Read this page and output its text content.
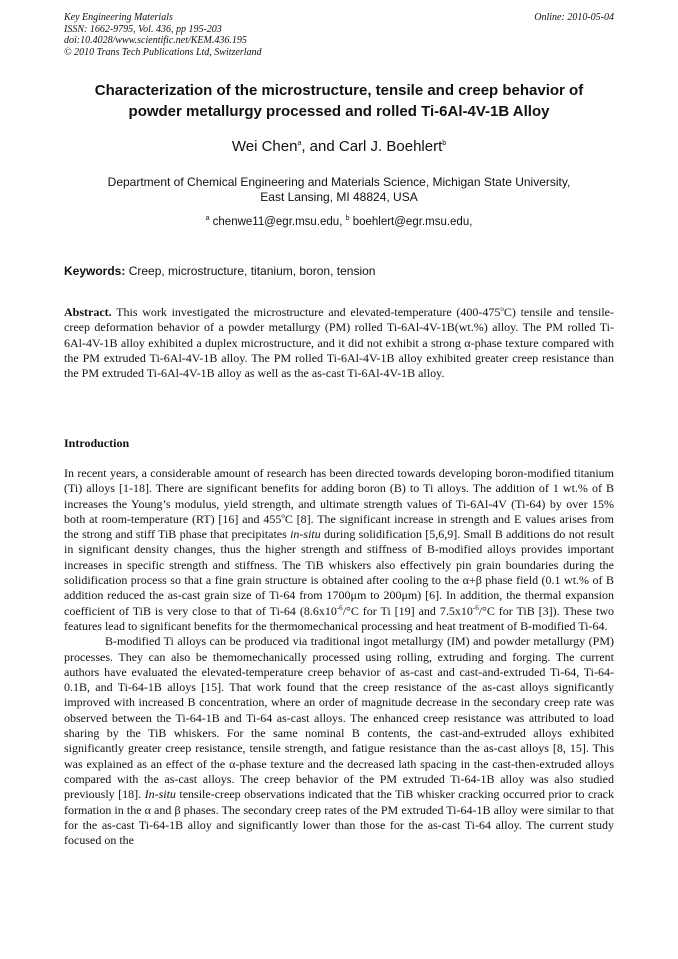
Key Engineering Materials
ISSN: 1662-9795, Vol. 436, pp 195-203
doi:10.4028/www.scientific.net/KEM.436.195
© 2010 Trans Tech Publications Ltd, Switzerland
Online: 2010-05-04
Characterization of the microstructure, tensile and creep behavior of
powder metallurgy processed and rolled Ti-6Al-4V-1B Alloy
Wei Chen$^a$, and Carl J. Boehlert$^b$
Department of Chemical Engineering and Materials Science, Michigan State University,
East Lansing, MI 48824, USA
$^a$ chenwe11@egr.msu.edu, $^b$ boehlert@egr.msu.edu,
Keywords: Creep, microstructure, titanium, boron, tension
Abstract. This work investigated the microstructure and elevated-temperature (400-475$^o$C) tensile and tensile-creep deformation behavior of a powder metallurgy (PM) rolled Ti-6Al-4V-1B(wt.%) alloy. The PM rolled Ti-6Al-4V-1B alloy exhibited a duplex microstructure, and it did not exhibit a strong α-phase texture compared with the PM extruded Ti-6Al-4V-1B alloy. The PM rolled Ti-6Al-4V-1B alloy exhibited greater creep resistance than the PM extruded Ti-6Al-4V-1B alloy as well as the as-cast Ti-6Al-4V-1B alloy.
Introduction

In recent years, a considerable amount of research has been directed towards developing boron-modified titanium (Ti) alloys [1-18]. There are significant benefits for adding boron (B) to Ti alloys. The addition of 1 wt.% of B increases the Young’s modulus, yield strength, and ultimate strength values of Ti-6Al-4V (Ti-64) by over 15% both at room-temperature (RT) [16] and 455$^o$C [8]. The significant increase in strength and E values arises from the strong and stiff TiB phase that precipitates in-situ during solidification [5,6,9]. Small B additions do not result in significant density changes, thus the higher strength and stiffness of B-modified alloys provides important increases in specific strength and stiffness. The TiB whiskers also effectively pin grain boundaries during the solidification process so that a fine grain structure is obtained after cooling to the α+β phase field (0.1 wt.% of B addition reduced the as-cast grain size of Ti-64 from 1700μm to 200μm) [6]. In addition, the thermal expansion coefficient of TiB is very close to that of Ti-64 ($8.6x10^{-6}/^\circ C$ for Ti [19] and $7.5x10^{-6}/^\circ C$ for TiB [3]). These two features lead to significant benefits for the thermomechanical processing and heat treatment of B-modified Ti-64.

B-modified Ti alloys can be produced via traditional ingot metallurgy (IM) and powder metallurgy (PM) processes. They can also be themomechanically processed using rolling, extruding and forging. The current authors have evaluated the elevated-temperature creep behavior of as-cast and cast-and-extruded Ti-64, Ti-64-0.1B, and Ti-64-1B alloys [15]. That work found that the creep resistance of the as-cast alloys significantly improved with increased B concentration, where an order of magnitude decrease in the secondary creep rate was observed between the Ti-64-1B and Ti-64 as-cast alloys. The enhanced creep resistance was attributed to load sharing by the TiB whiskers. For the same nominal B contents, the cast-and-extruded alloys exhibited significantly greater creep resistance, tensile strength, and fatigue resistance than the as-cast alloys [8, 15]. This was explained as an effect of the α-phase texture and the decreased lath spacing in the cast-then-extruded alloys compared with the as-cast alloys. The creep behavior of the PM extruded Ti-64-1B alloy was also studied previously [18]. In-situ tensile-creep observations indicated that the TiB whisker cracking occurred prior to crack formation in the α and β phases. The secondary creep rates of the PM extruded Ti-64-1B alloy were similar to that for the as-cast Ti-64-1B alloy and significantly lower than those for the as-cast Ti-64 alloy. The current study focused on the
